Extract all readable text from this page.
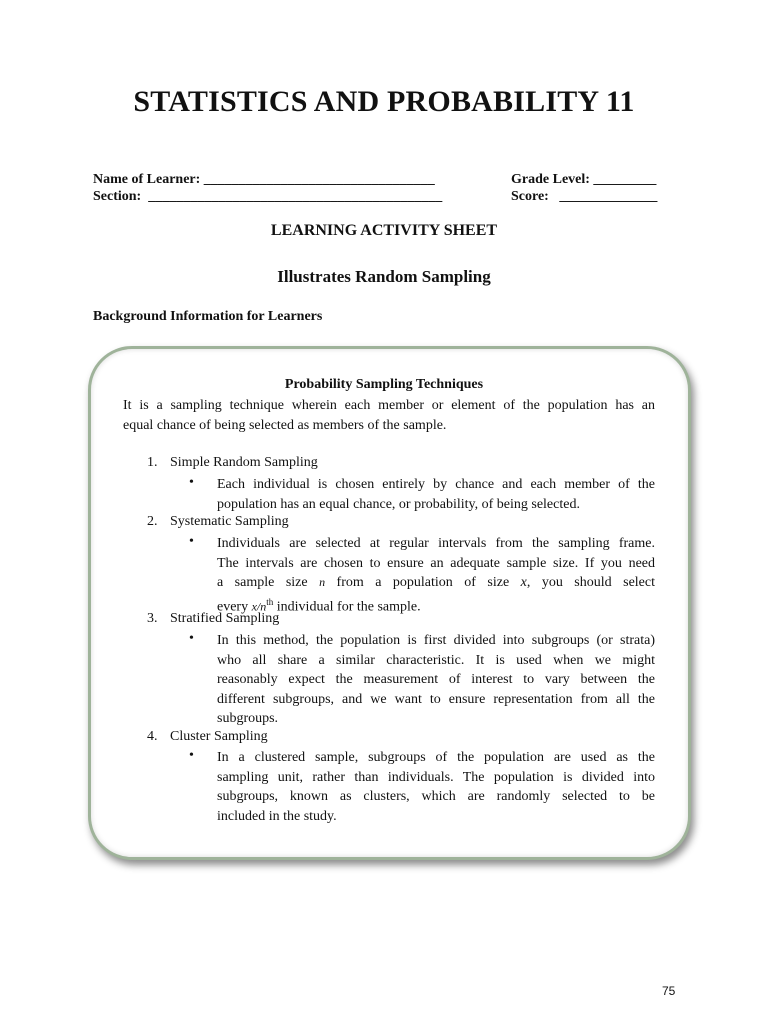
STATISTICS AND PROBABILITY 11
Name of Learner: _________________________________	Grade Level: _________
Section: __________________________________________	Score: ______________
LEARNING ACTIVITY SHEET
Illustrates Random Sampling
Background Information for Learners
Probability Sampling Techniques
It is a sampling technique wherein each member or element of the population has an
equal chance of being selected as members of the sample.
1. Simple Random Sampling
• Each individual is chosen entirely by chance and each member of the
population has an equal chance, or probability, of being selected.
2. Systematic Sampling
• Individuals are selected at regular intervals from the sampling frame.
The intervals are chosen to ensure an adequate sample size. If you need
a sample size n from a population of size x, you should select
every $x/n^{th}$ individual for the sample.
3. Stratified Sampling
• In this method, the population is first divided into subgroups (or strata)
who all share a similar characteristic. It is used when we might
reasonably expect the measurement of interest to vary between the
different subgroups, and we want to ensure representation from all the
subgroups.
4. Cluster Sampling
• In a clustered sample, subgroups of the population are used as the
sampling unit, rather than individuals. The population is divided into
subgroups, known as clusters, which are randomly selected to be
included in the study.
75
